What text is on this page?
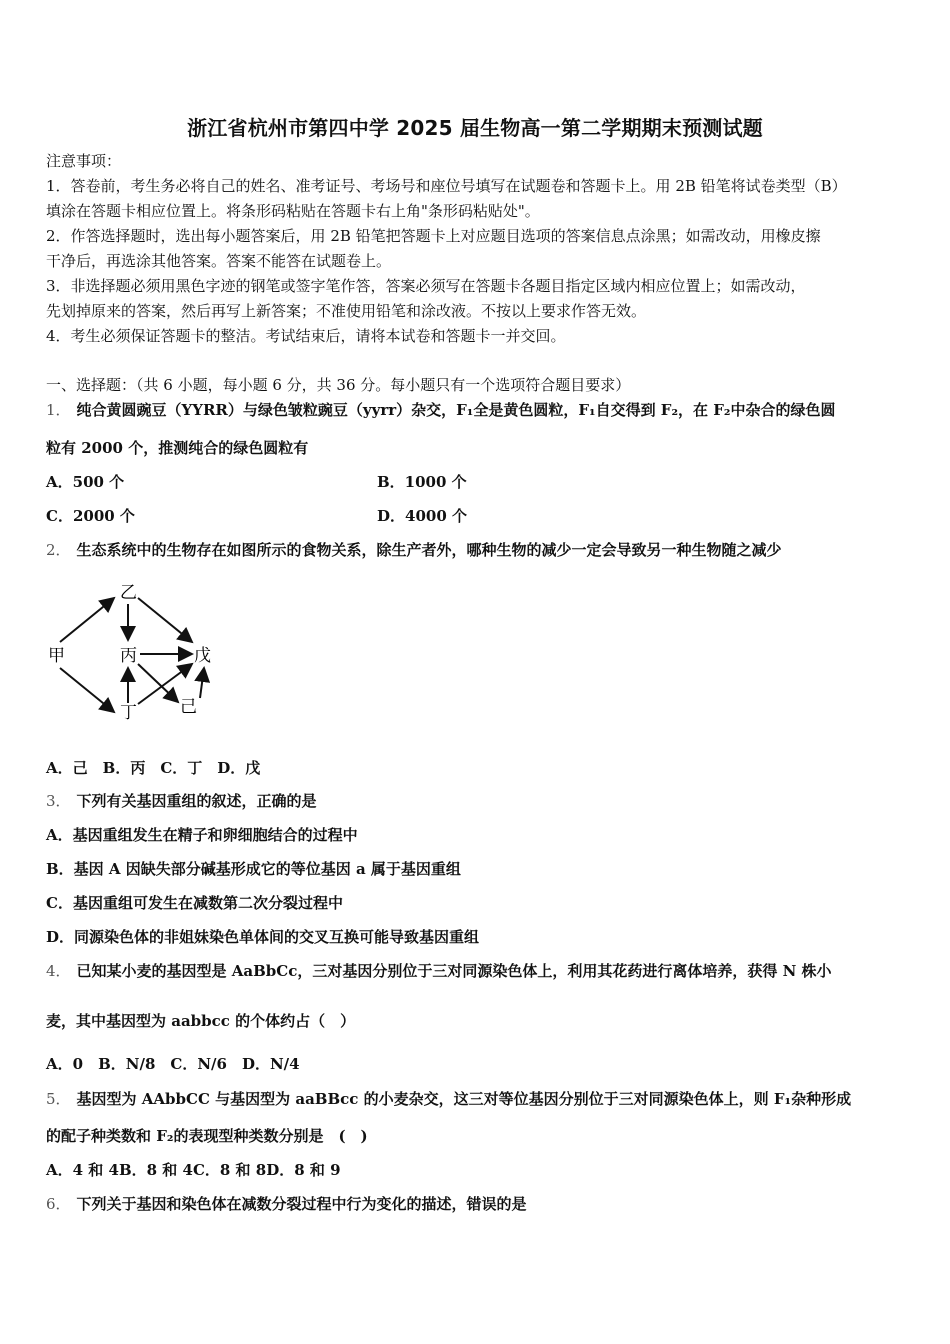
浙江省杭州市第四中学 2025 届生物高一第二学期期末预测试题
注意事项：
1．答卷前，考生务必将自己的姓名、准考证号、考场号和座位号填写在试题卷和答题卡上。用 2B 铅笔将试卷类型（B）
填涂在答题卡相应位置上。将条形码粘贴在答题卡右上角"条形码粘贴处"。
2．作答选择题时，选出每小题答案后，用 2B 铅笔把答题卡上对应题目选项的答案信息点涂黑；如需改动，用橡皮擦
干净后，再选涂其他答案。答案不能答在试题卷上。
3．非选择题必须用黑色字迹的钢笔或签字笔作答，答案必须写在答题卡各题目指定区域内相应位置上；如需改动，
先划掉原来的答案，然后再写上新答案；不准使用铅笔和涂改液。不按以上要求作答无效。
4．考生必须保证答题卡的整洁。考试结束后，请将本试卷和答题卡一并交回。
一、选择题：（共 6 小题，每小题 6 分，共 36 分。每小题只有一个选项符合题目要求）
1． 纯合黄圆豌豆（YYRR）与绿色皱粒豌豆（yyrr）杂交，F₁全是黄色圆粒，F₁自交得到 F₂，在 F₂中杂合的绿色圆
粒有 2000 个，推测纯合的绿色圆粒有
A．500 个	B．1000 个
C．2000 个	D．4000 个
2． 生态系统中的生物存在如图所示的食物关系，除生产者外，哪种生物的减少一定会导致另一种生物随之减少
乙
甲	丙	戊
丁	己
A．己　B．丙　C．丁　D．戊
3． 下列有关基因重组的叙述，正确的是
A．基因重组发生在精子和卵细胞结合的过程中
B．基因 A 因缺失部分碱基形成它的等位基因 a 属于基因重组
C．基因重组可发生在减数第二次分裂过程中
D．同源染色体的非姐妹染色单体间的交叉互换可能导致基因重组
4． 已知某小麦的基因型是 AaBbCc，三对基因分别位于三对同源染色体上，利用其花药进行离体培养，获得 N 株小
麦，其中基因型为 aabbcc 的个体约占（　）
A．0　B．N/8　C．N/6　D．N/4
5． 基因型为 AAbbCC 与基因型为 aaBBcc 的小麦杂交，这三对等位基因分别位于三对同源染色体上，则 F₁杂种形成
的配子种类数和 F₂的表现型种类数分别是　(　)
A．4 和 4B．8 和 4C．8 和 8D．8 和 9
6． 下列关于基因和染色体在减数分裂过程中行为变化的描述，错误的是
